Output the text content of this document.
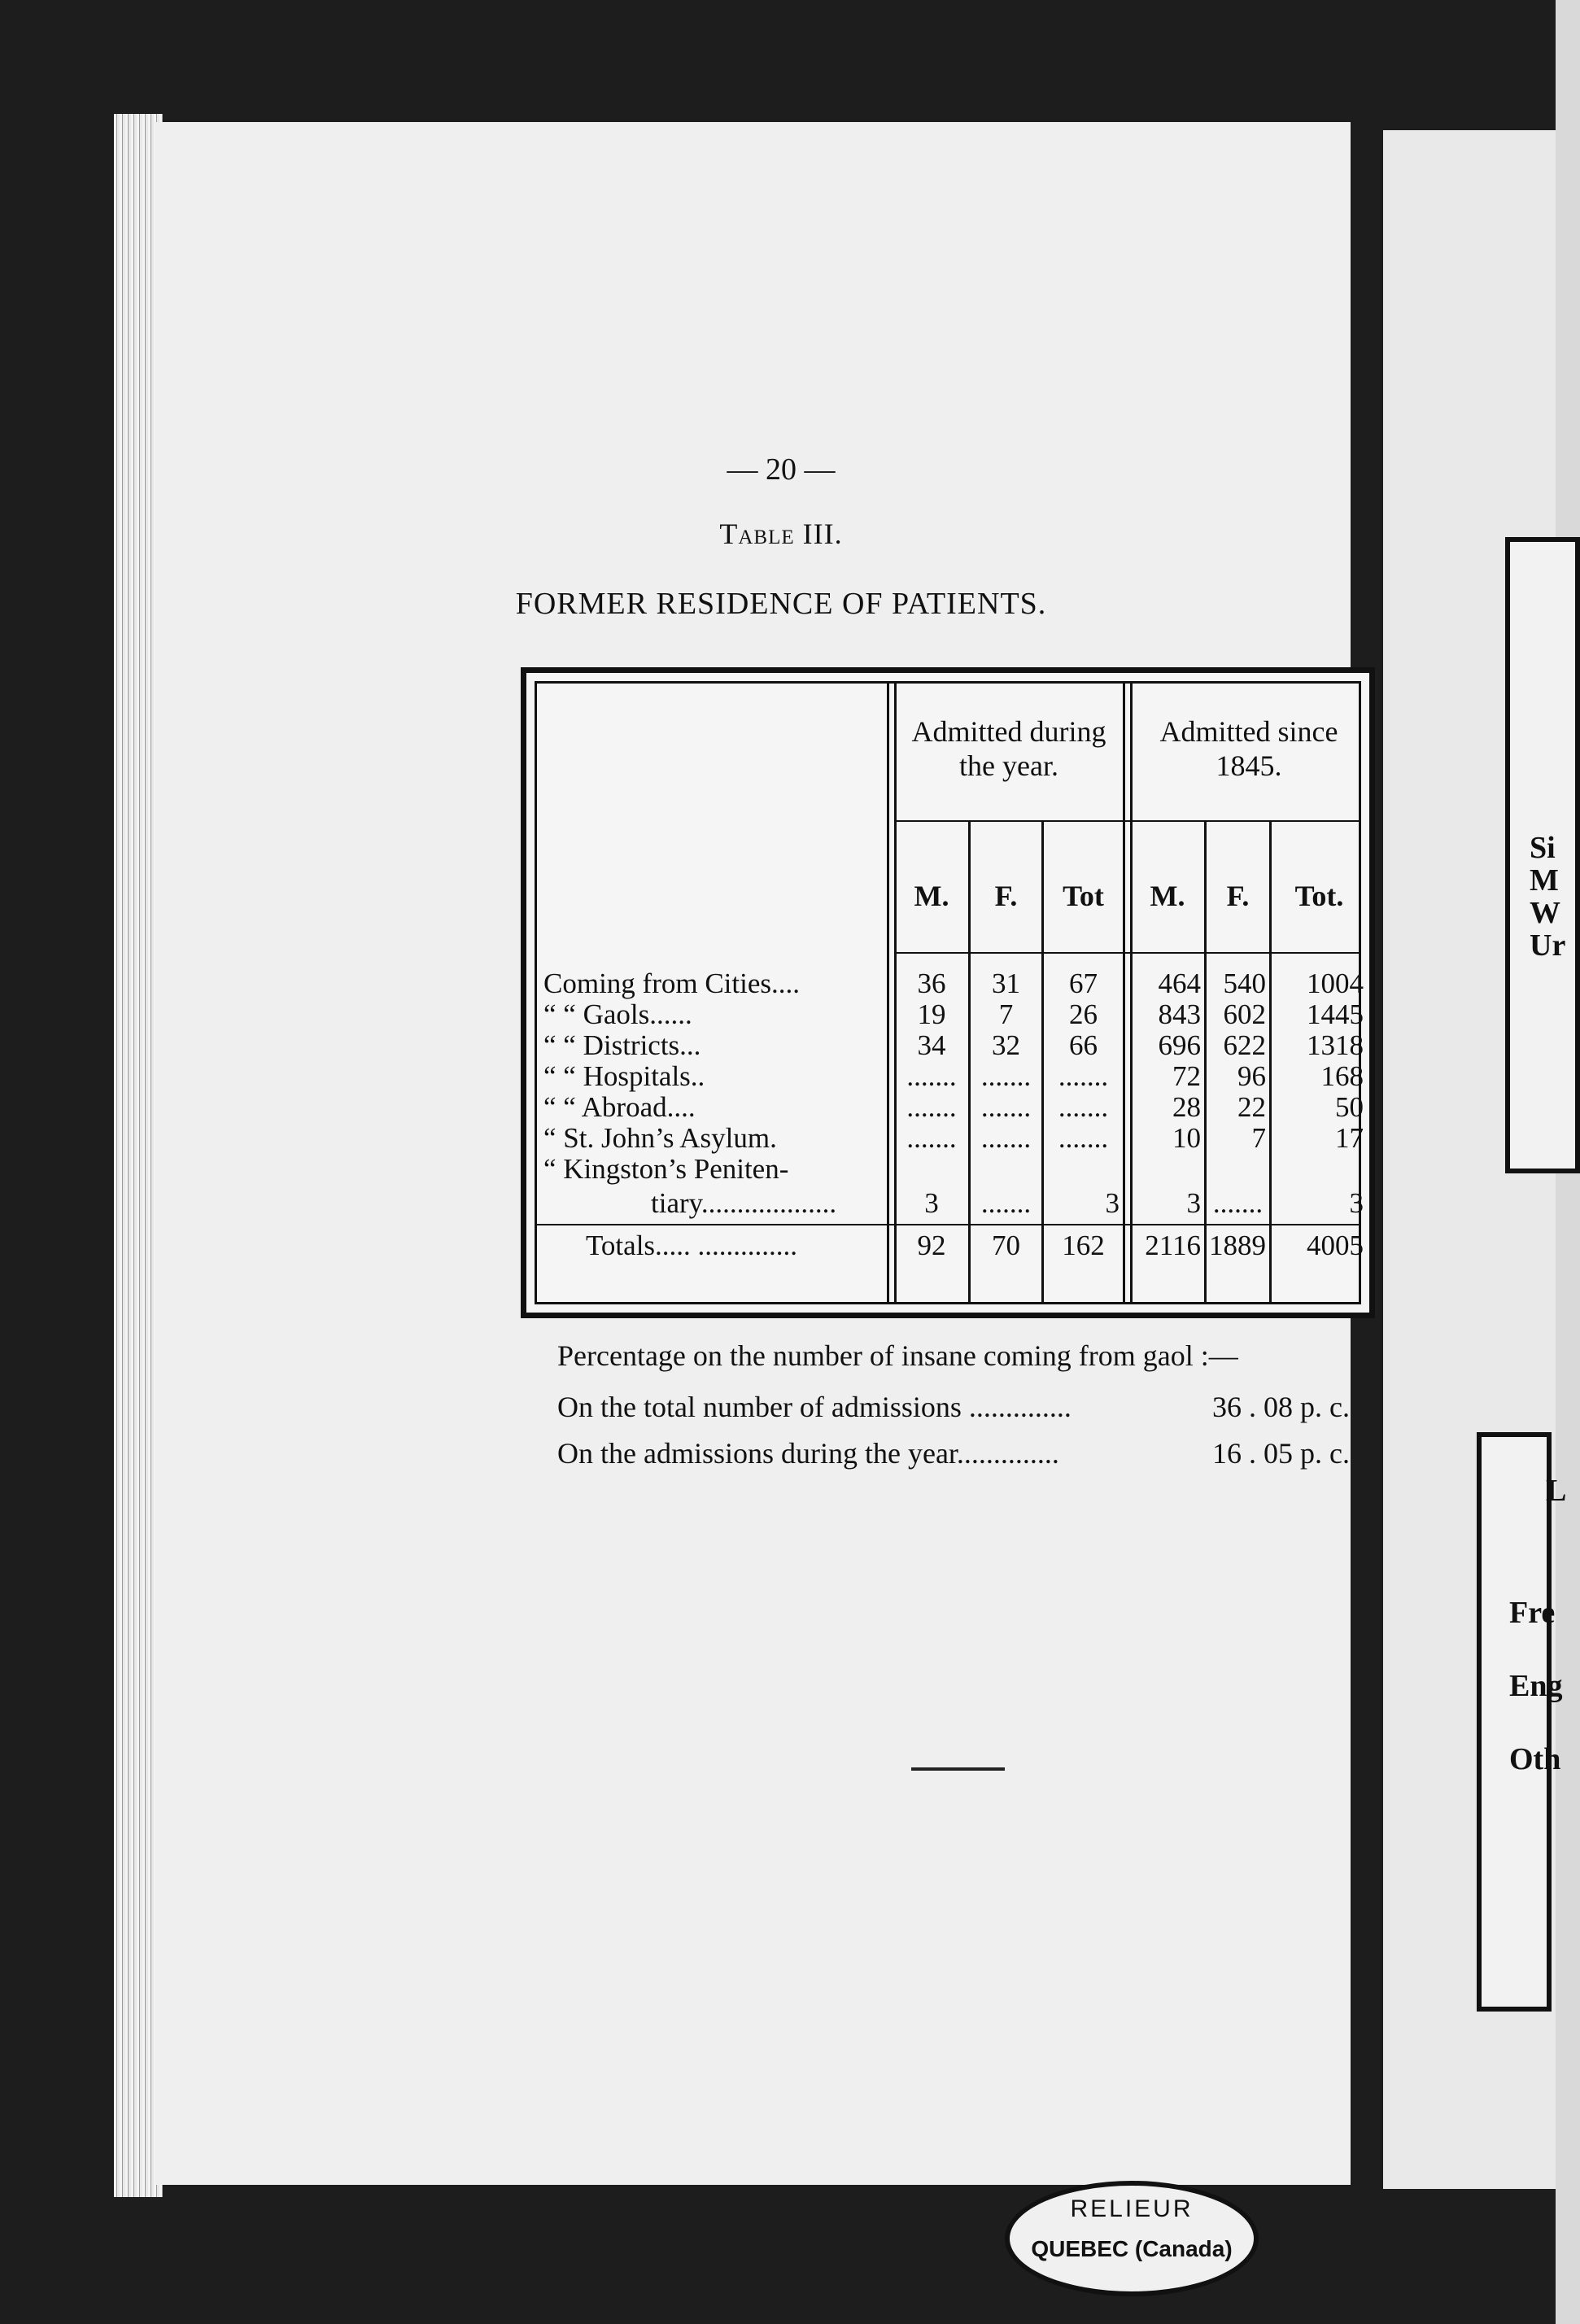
— 20 —
Table III.
FORMER RESIDENCE OF PATIENTS.
Admitted during the year.
Admitted since 1845.
M.	F.	Tot	M.	F.	Tot.
Coming from Cities....	36	31	67	464 540	1004
“ “ Gaols......	19	7	26	843 602	1445
“ “ Districts...	34	32	66	696 622	1318
“ “ Hospitals..	....... ....... .......	72	96	168
“ “ Abroad....	....... ....... .......	28	22	50
“ St. John’s Asylum.	....... ....... .......	10	7	17
“ Kingston’s Peniten-
tiary...................	3	.......	3	3 .......	3
Totals..... ..............	92	70	162	2116 1889	4005
Percentage on the number of insane coming from gaol :—
On the total number of admissions ..............	36 . 08 p. c.
On the admissions during the year..............	16 . 05 p. c.
Si
M
W
Ur
L
Fre
Eng
Oth
RELIEUR
QUEBEC (Canada)
